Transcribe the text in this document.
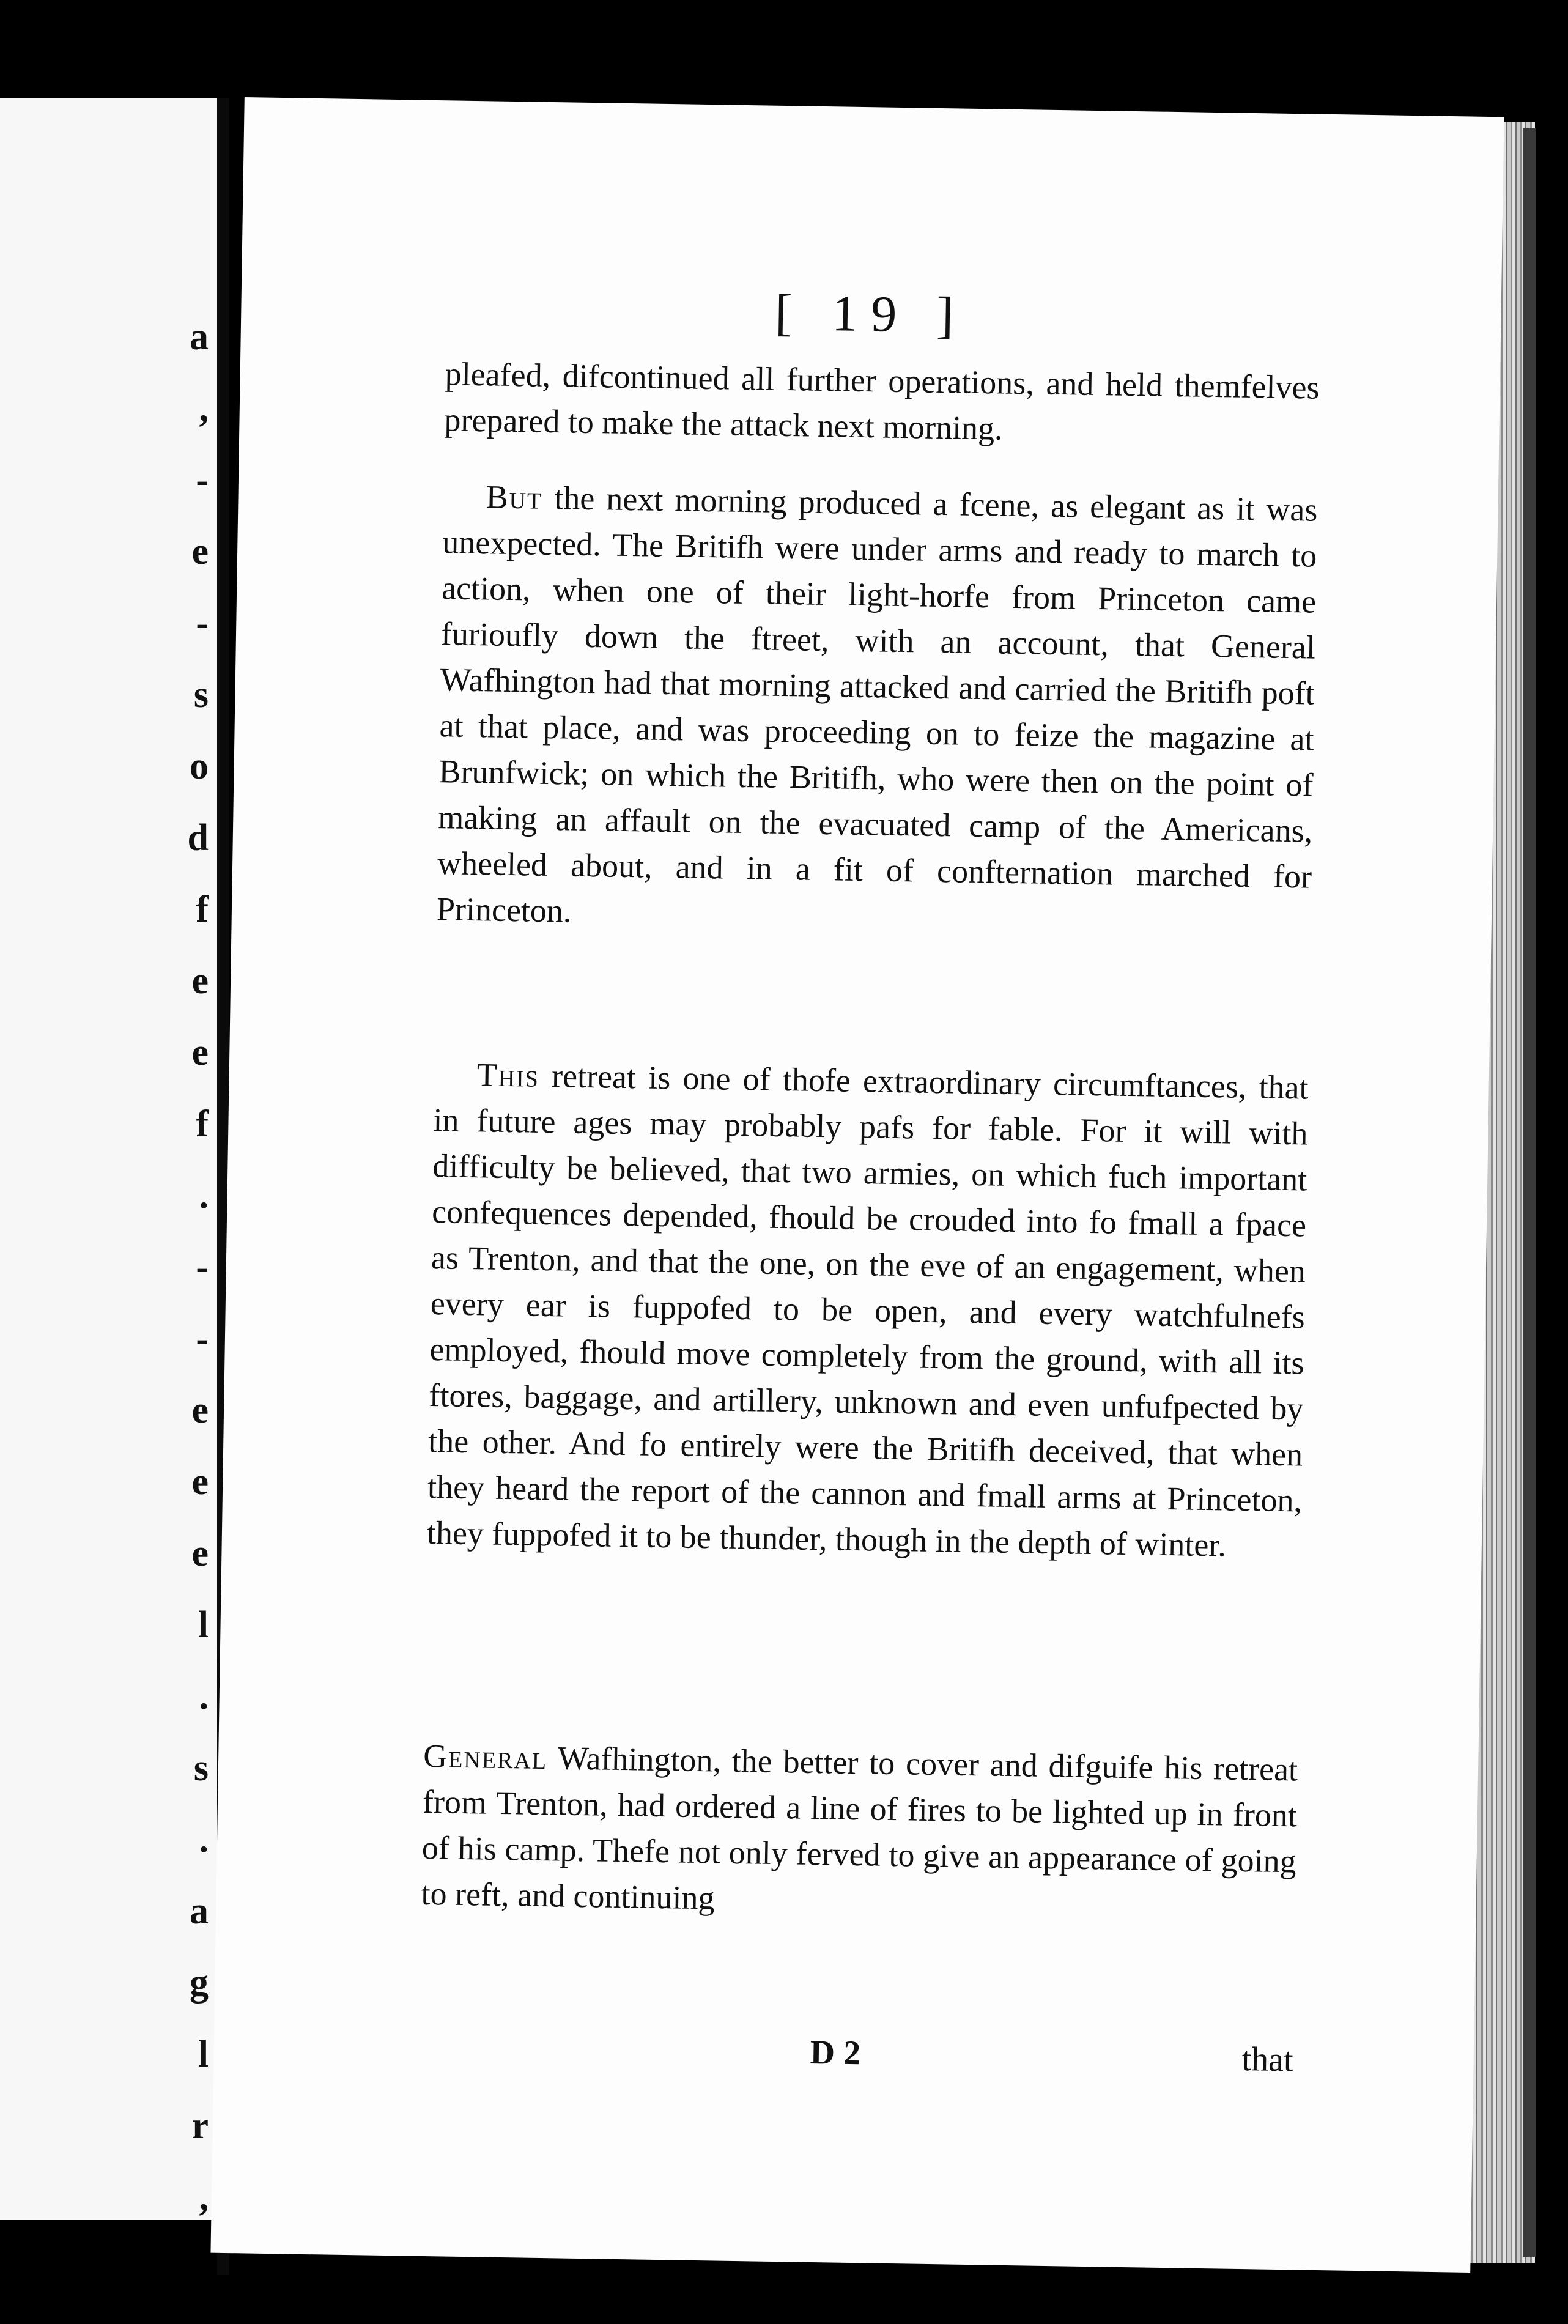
a
,
-
e
-
s
o
d
f
e
e
f
.
-
-
e
e
e
l
.
s
.
a
g
l
r
,
[ 19 ]

pleafed, difcontinued all further operations, and held themfelves prepared to make the attack next morning.

But the next morning produced a fcene, as elegant as it was unexpected. The Britifh were under arms and ready to march to action, when one of their light-horfe from Princeton came furioufly down the ftreet, with an account, that General Wafhington had that morning attacked and carried the Britifh poft at that place, and was proceeding on to feize the magazine at Brunfwick; on which the Britifh, who were then on the point of making an affault on the evacuated camp of the Americans, wheeled about, and in a fit of confternation marched for Princeton.

This retreat is one of thofe extraordinary circumftances, that in future ages may probably pafs for fable. For it will with difficulty be believed, that two armies, on which fuch important confequences depended, fhould be crouded into fo fmall a fpace as Trenton, and that the one, on the eve of an engagement, when every ear is fuppofed to be open, and every watchfulnefs employed, fhould move completely from the ground, with all its ftores, baggage, and artillery, unknown and even unfufpected by the other. And fo entirely were the Britifh deceived, that when they heard the report of the cannon and fmall arms at Princeton, they fuppofed it to be thunder, though in the depth of winter.

General Wafhington, the better to cover and difguife his retreat from Trenton, had ordered a line of fires to be lighted up in front of his camp. Thefe not only ferved to give an appearance of going to reft, and continuing

D 2	that
